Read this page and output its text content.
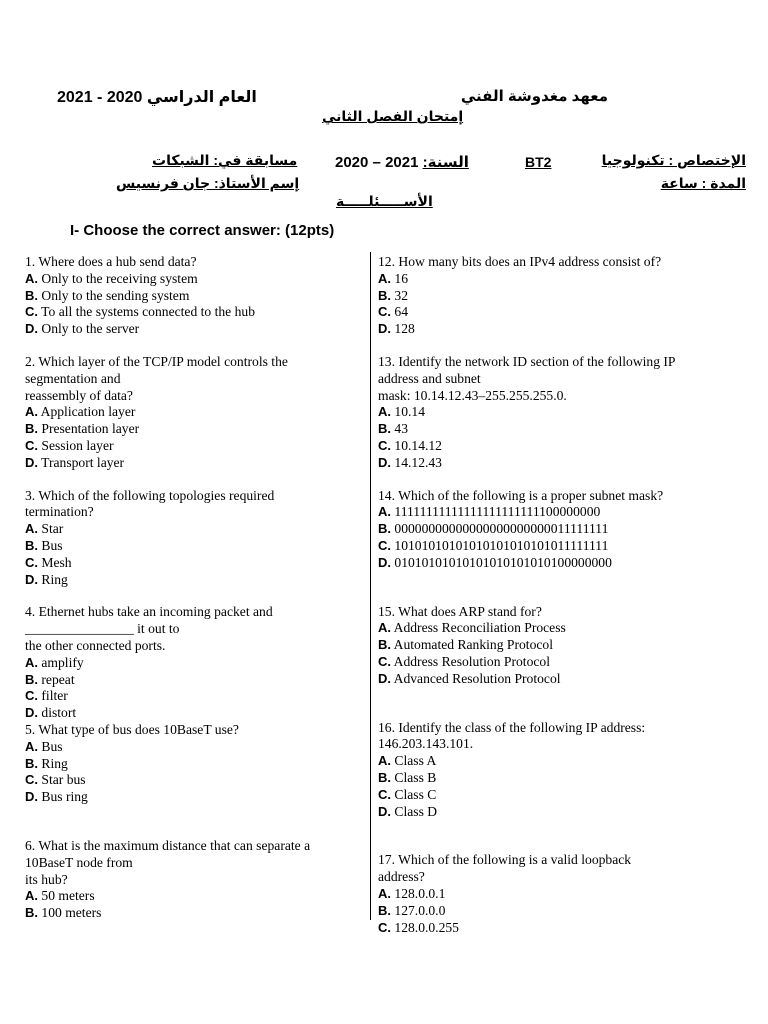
العام الدراسي 2020 - 2021	معهد مغدوشة الفني
إمتحان الفصل الثاني
مسابقة في: الشبكات	السنة: 2021 – 2020	BT2	الإختصاص : تكنولوجيا
إسم الأستاذ: جان فرنسيس	المدة : ساعة
الأســـــئلـــــة
I- Choose the correct answer: (12pts)
1. Where does a hub send data?
A. Only to the receiving system
B. Only to the sending system
C. To all the systems connected to the hub
D. Only to the server
2. Which layer of the TCP/IP model controls the
segmentation and
reassembly of data?
A. Application layer
B. Presentation layer
C. Session layer
D. Transport layer
3. Which of the following topologies required
termination?
A. Star
B. Bus
C. Mesh
D. Ring
4. Ethernet hubs take an incoming packet and
________________ it out to
the other connected ports.
A. amplify
B. repeat
C. filter
D. distort
5. What type of bus does 10BaseT use?
A. Bus
B. Ring
C. Star bus
D. Bus ring
6. What is the maximum distance that can separate a
10BaseT node from
its hub?
A. 50 meters
B. 100 meters
12. How many bits does an IPv4 address consist of?
A. 16
B. 32
C. 64
D. 128
13. Identify the network ID section of the following IP
address and subnet
mask: 10.14.12.43–255.255.255.0.
A. 10.14
B. 43
C. 10.14.12
D. 14.12.43
14. Which of the following is a proper subnet mask?
A. 11111111111111111111111100000000
B. 00000000000000000000000011111111
C. 10101010101010101010101011111111
D. 01010101010101010101010100000000
15. What does ARP stand for?
A. Address Reconciliation Process
B. Automated Ranking Protocol
C. Address Resolution Protocol
D. Advanced Resolution Protocol
16. Identify the class of the following IP address:
146.203.143.101.
A. Class A
B. Class B
C. Class C
D. Class D
17. Which of the following is a valid loopback
address?
A. 128.0.0.1
B. 127.0.0.0
C. 128.0.0.255
